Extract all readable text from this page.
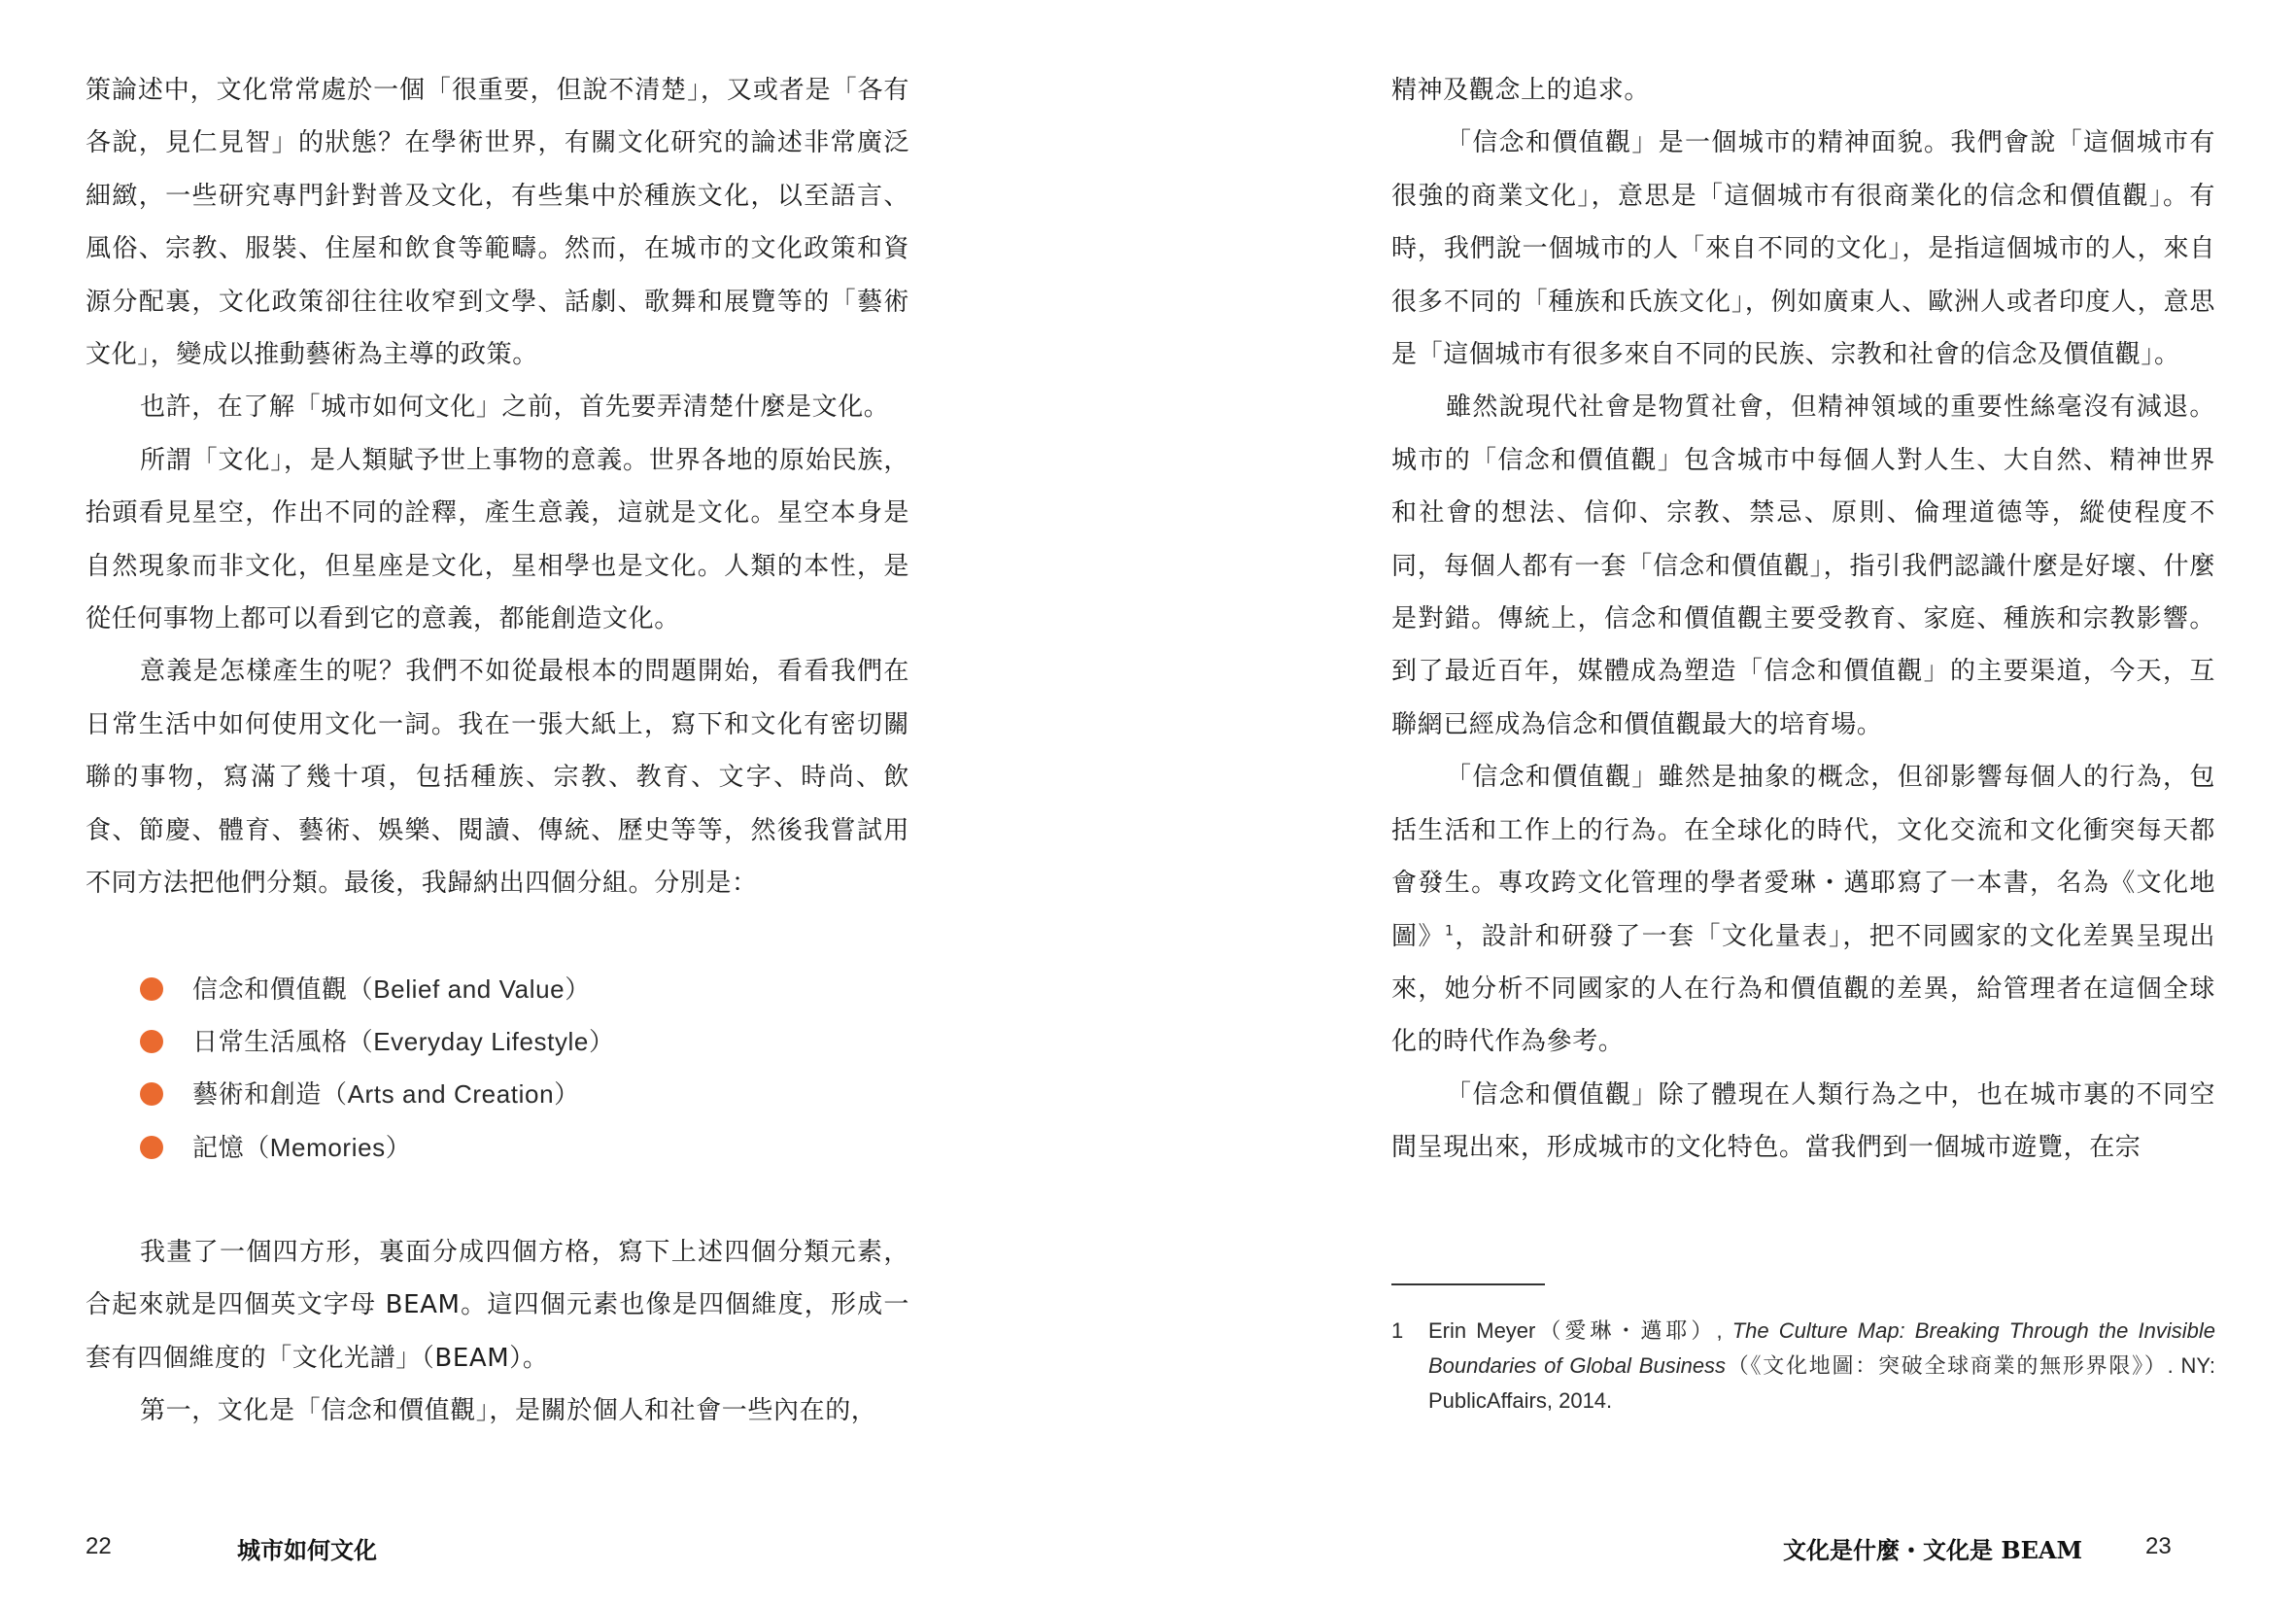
策論述中，文化常常處於一個「很重要，但說不清楚」，又或者是「各有各說，見仁見智」的狀態？在學術世界，有關文化研究的論述非常廣泛細緻，一些研究專門針對普及文化，有些集中於種族文化，以至語言、風俗、宗教、服裝、住屋和飲食等範疇。然而，在城市的文化政策和資源分配裏，文化政策卻往往收窄到文學、話劇、歌舞和展覽等的「藝術文化」，變成以推動藝術為主導的政策。

也許，在了解「城市如何文化」之前，首先要弄清楚什麼是文化。

所謂「文化」，是人類賦予世上事物的意義。世界各地的原始民族，抬頭看見星空，作出不同的詮釋，產生意義，這就是文化。星空本身是自然現象而非文化，但星座是文化，星相學也是文化。人類的本性，是從任何事物上都可以看到它的意義，都能創造文化。

意義是怎樣產生的呢？我們不如從最根本的問題開始，看看我們在日常生活中如何使用文化一詞。我在一張大紙上，寫下和文化有密切關聯的事物，寫滿了幾十項，包括種族、宗教、教育、文字、時尚、飲食、節慶、體育、藝術、娛樂、閱讀、傳統、歷史等等，然後我嘗試用不同方法把他們分類。最後，我歸納出四個分組。分別是：

信念和價值觀（Belief and Value）
日常生活風格（Everyday Lifestyle）
藝術和創造（Arts and Creation）
記憶（Memories）

我畫了一個四方形，裏面分成四個方格，寫下上述四個分類元素，合起來就是四個英文字母 BEAM。這四個元素也像是四個維度，形成一套有四個維度的「文化光譜」（BEAM）。

第一，文化是「信念和價值觀」，是關於個人和社會一些內在的，

22	城市如何文化

精神及觀念上的追求。

「信念和價值觀」是一個城市的精神面貌。我們會說「這個城市有很強的商業文化」，意思是「這個城市有很商業化的信念和價值觀」。有時，我們說一個城市的人「來自不同的文化」，是指這個城市的人，來自很多不同的「種族和氏族文化」，例如廣東人、歐洲人或者印度人，意思是「這個城市有很多來自不同的民族、宗教和社會的信念及價值觀」。

雖然說現代社會是物質社會，但精神領域的重要性絲毫沒有減退。城市的「信念和價值觀」包含城市中每個人對人生、大自然、精神世界和社會的想法、信仰、宗教、禁忌、原則、倫理道德等，縱使程度不同，每個人都有一套「信念和價值觀」，指引我們認識什麼是好壞、什麼是對錯。傳統上，信念和價值觀主要受教育、家庭、種族和宗教影響。到了最近百年，媒體成為塑造「信念和價值觀」的主要渠道，今天，互聯網已經成為信念和價值觀最大的培育場。

「信念和價值觀」雖然是抽象的概念，但卻影響每個人的行為，包括生活和工作上的行為。在全球化的時代，文化交流和文化衝突每天都會發生。專攻跨文化管理的學者愛琳・邁耶寫了一本書，名為《文化地圖》$^1$，設計和研發了一套「文化量表」，把不同國家的文化差異呈現出來，她分析不同國家的人在行為和價值觀的差異，給管理者在這個全球化的時代作為參考。

「信念和價值觀」除了體現在人類行為之中，也在城市裏的不同空間呈現出來，形成城市的文化特色。當我們到一個城市遊覽，在宗

1	Erin Meyer（愛琳・邁耶）, The Culture Map: Breaking Through the Invisible Boundaries of Global Business（《文化地圖：突破全球商業的無形界限》）. NY: PublicAffairs, 2014.
文化是什麼・文化是 BEAM	23
